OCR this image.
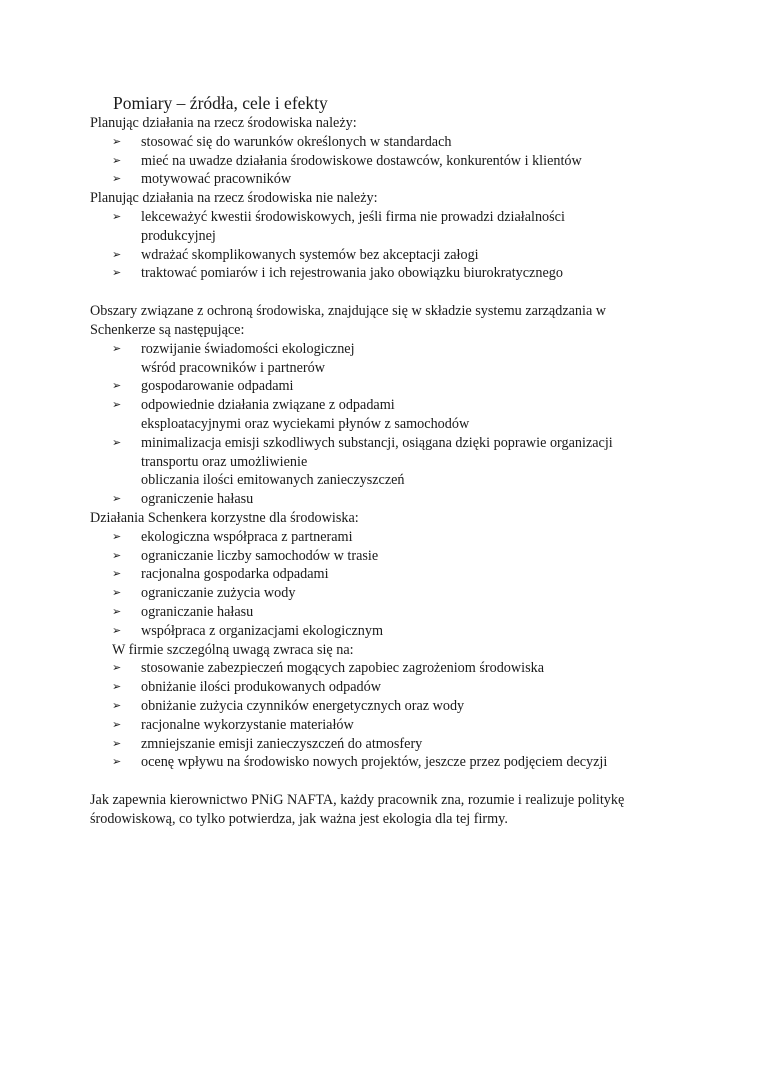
Pomiary – źródła, cele i efekty

Planując działania na rzecz środowiska należy:

➢ stosować się do warunków określonych w standardach
➢ mieć na uwadze działania środowiskowe dostawców, konkurentów i klientów
➢ motywować pracowników

Planując działania na rzecz środowiska nie należy:

➢ lekceważyć kwestii środowiskowych, jeśli firma nie prowadzi działalności
produkcyjnej
➢ wdrażać skomplikowanych systemów bez akceptacji załogi
➢ traktować pomiarów i ich rejestrowania jako obowiązku biurokratycznego

Obszary związane z ochroną środowiska, znajdujące się w składzie systemu zarządzania w
Schenkerze są następujące:

➢ rozwijanie świadomości ekologicznej
wśród pracowników i partnerów
➢ gospodarowanie odpadami
➢ odpowiednie działania związane z odpadami
eksploatacyjnymi oraz wyciekami płynów z samochodów
➢ minimalizacja emisji szkodliwych substancji, osiągana dzięki poprawie organizacji
transportu oraz umożliwienie
obliczania ilości emitowanych zanieczyszczeń
➢ ograniczenie hałasu

Działania Schenkera korzystne dla środowiska:

➢ ekologiczna współpraca z partnerami
➢ ograniczanie liczby samochodów w trasie
➢ racjonalna gospodarka odpadami
➢ ograniczanie zużycia wody
➢ ograniczanie hałasu
➢ współpraca z organizacjami ekologicznym

W firmie szczególną uwagą zwraca się na:

➢ stosowanie zabezpieczeń mogących zapobiec zagrożeniom środowiska
➢ obniżanie ilości produkowanych odpadów
➢ obniżanie zużycia czynników energetycznych oraz wody
➢ racjonalne wykorzystanie materiałów
➢ zmniejszanie emisji zanieczyszczeń do atmosfery
➢ ocenę wpływu na środowisko nowych projektów, jeszcze przez podjęciem decyzji

Jak zapewnia kierownictwo PNiG NAFTA, każdy pracownik zna, rozumie i realizuje politykę
środowiskową, co tylko potwierdza, jak ważna jest ekologia dla tej firmy.
